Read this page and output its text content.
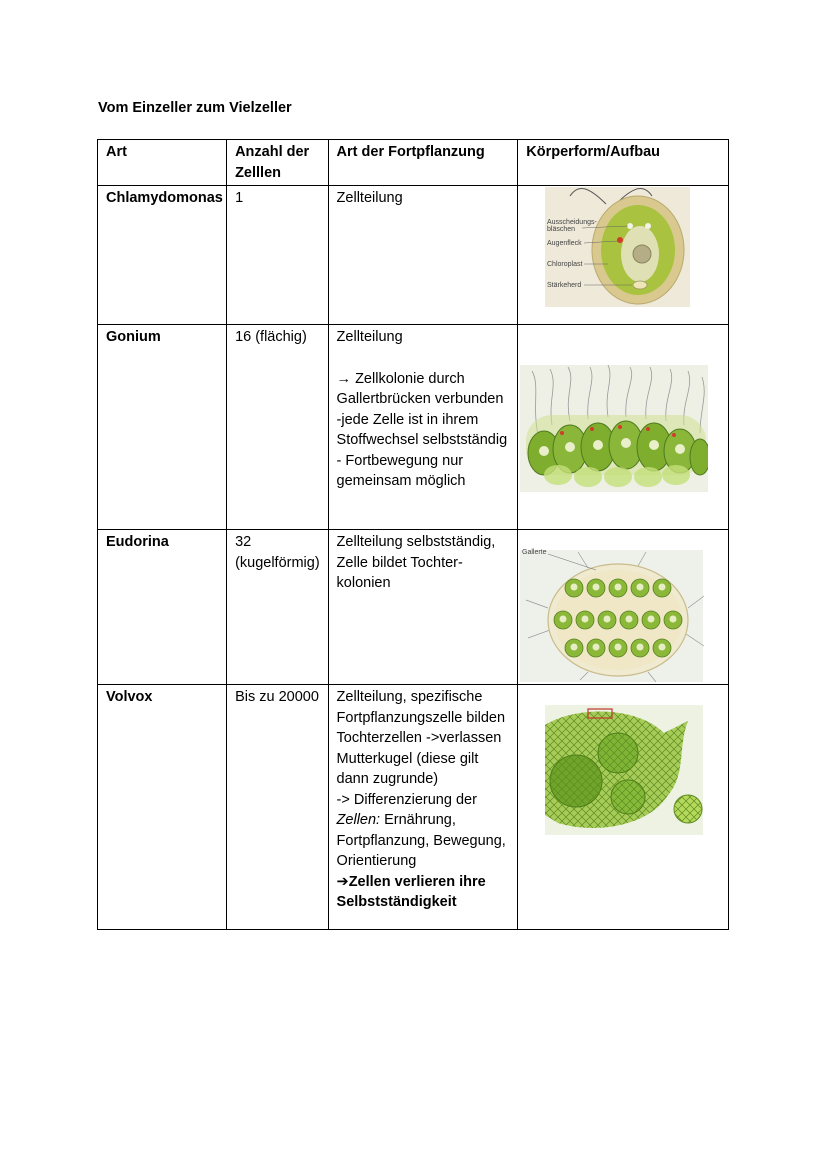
Vom Einzeller zum Vielzeller
Art	Anzahl der Zelllen	Art der Fortpflanzung	Körperform/Aufbau
Chlamydomonas	1	Zellteilung	Ausscheidungs-
bläschen
Augenfleck
Chloroplast
Stärkeherd

Gonium	16 (flächig)	Zellteilung
→ Zellkolonie durch Gallertbrücken verbunden -jede Zelle ist in ihrem Stoffwechsel selbstständig - Fortbewegung nur gemeinsam möglich

Eudorina	32 (kugelförmig)	Zellteilung selbstständig, Zelle bildet Tochter-kolonien	Gallerte

Volvox	Bis zu 20000	Zellteilung, spezifische Fortpflanzungszelle bilden Tochterzellen ->verlassen Mutterkugel (diese gilt dann zugrunde)
-> Differenzierung der Zellen: Ernährung, Fortpflanzung, Bewegung, Orientierung
➔Zellen verlieren ihre Selbstständigkeit
